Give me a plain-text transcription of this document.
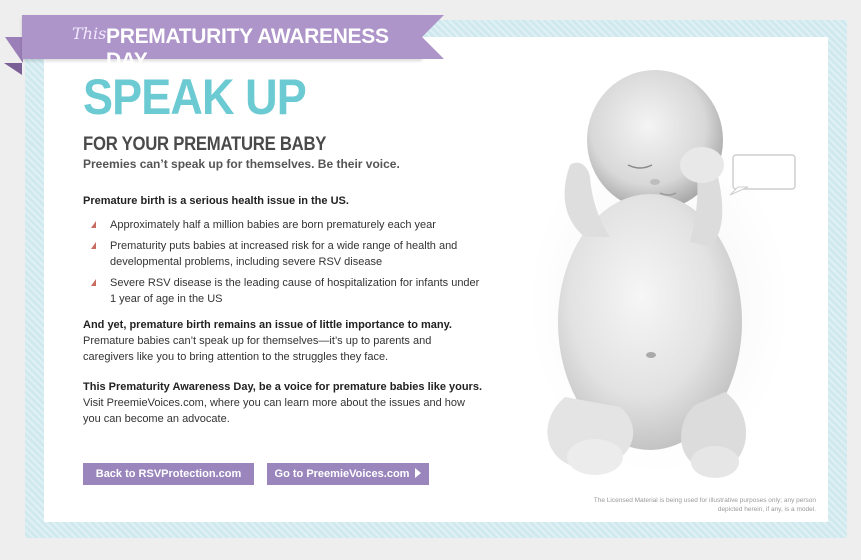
The Licensed Material is being used for illustrative purposes only; any person depicted herein, if any, is a model.
This PREMATURITY AWARENESS DAY
SPEAK UP
FOR YOUR PREMATURE BABY
Preemies can’t speak up for themselves. Be their voice.

Premature birth is a serious health issue in the US.

Approximately half a million babies are born prematurely each year
Prematurity puts babies at increased risk for a wide range of health and developmental problems, including severe RSV disease
Severe RSV disease is the leading cause of hospitalization for infants under 1 year of age in the US

And yet, premature birth remains an issue of little importance to many.
Premature babies can’t speak up for themselves—it’s up to parents and caregivers like you to bring attention to the struggles they face.

This Prematurity Awareness Day, be a voice for premature babies like yours.
Visit PreemieVoices.com, where you can learn more about the issues and how you can become an advocate.

Back to RSVProtection.com	Go to PreemieVoices.com
